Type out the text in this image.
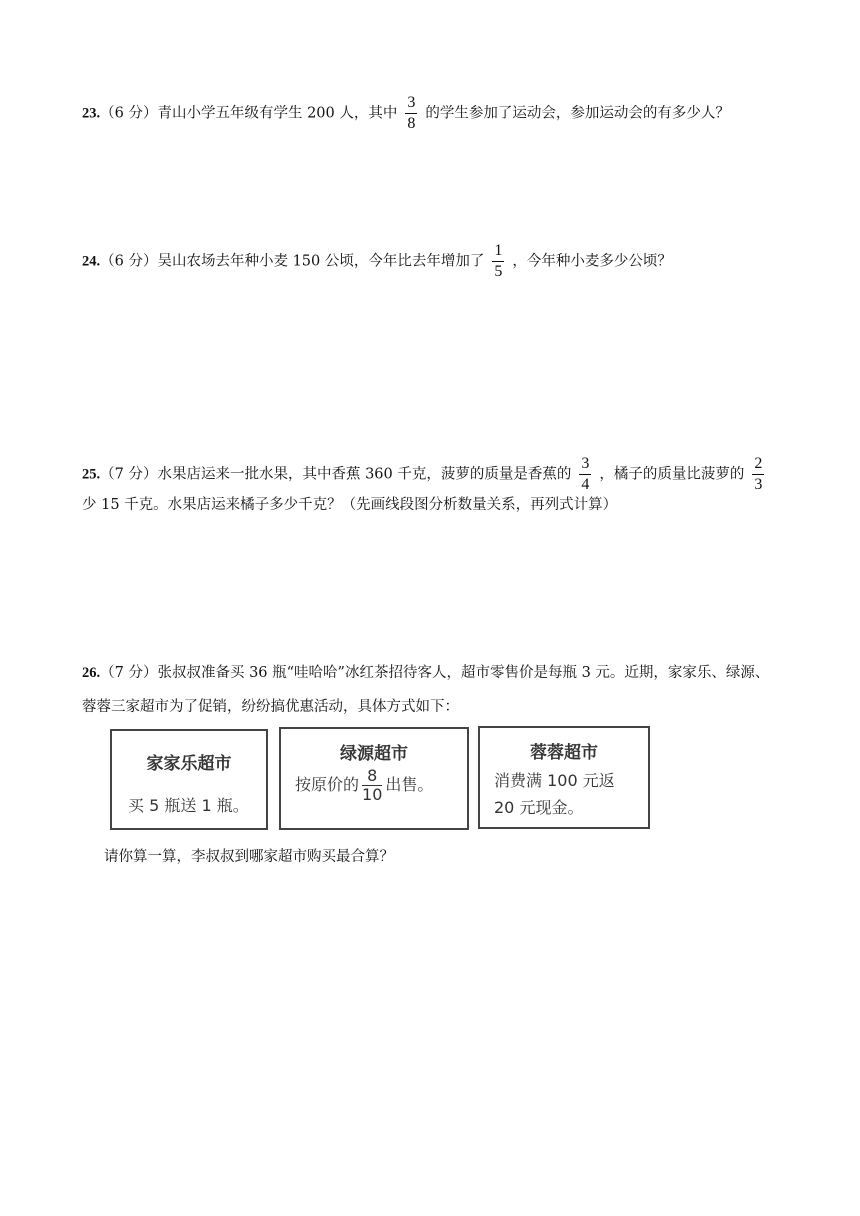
23.（6 分）青山小学五年级有学生 200 人，其中 $\frac{3}{8}$ 的学生参加了运动会，参加运动会的有多少人？
24.（6 分）吴山农场去年种小麦 150 公顷，今年比去年增加了 $\frac{1}{5}$ ，今年种小麦多少公顷？
25.（7 分）水果店运来一批水果，其中香蕉 360 千克，菠萝的质量是香蕉的 $\frac{3}{4}$ ，橘子的质量比菠萝的 $\frac{2}{3}$
少 15 千克。水果店运来橘子多少千克？（先画线段图分析数量关系，再列式计算）
26.（7 分）张叔叔准备买 36 瓶“哇哈哈”冰红茶招待客人，超市零售价是每瓶 3 元。近期，家家乐、绿源、
蓉蓉三家超市为了促销，纷纷搞优惠活动，具体方式如下：
家家乐超市
买 5 瓶送 1 瓶。
绿源超市
按原价的 $\frac{8}{10}$ 出售。
蓉蓉超市
消费满 100 元返
20 元现金。
请你算一算，李叔叔到哪家超市购买最合算？
